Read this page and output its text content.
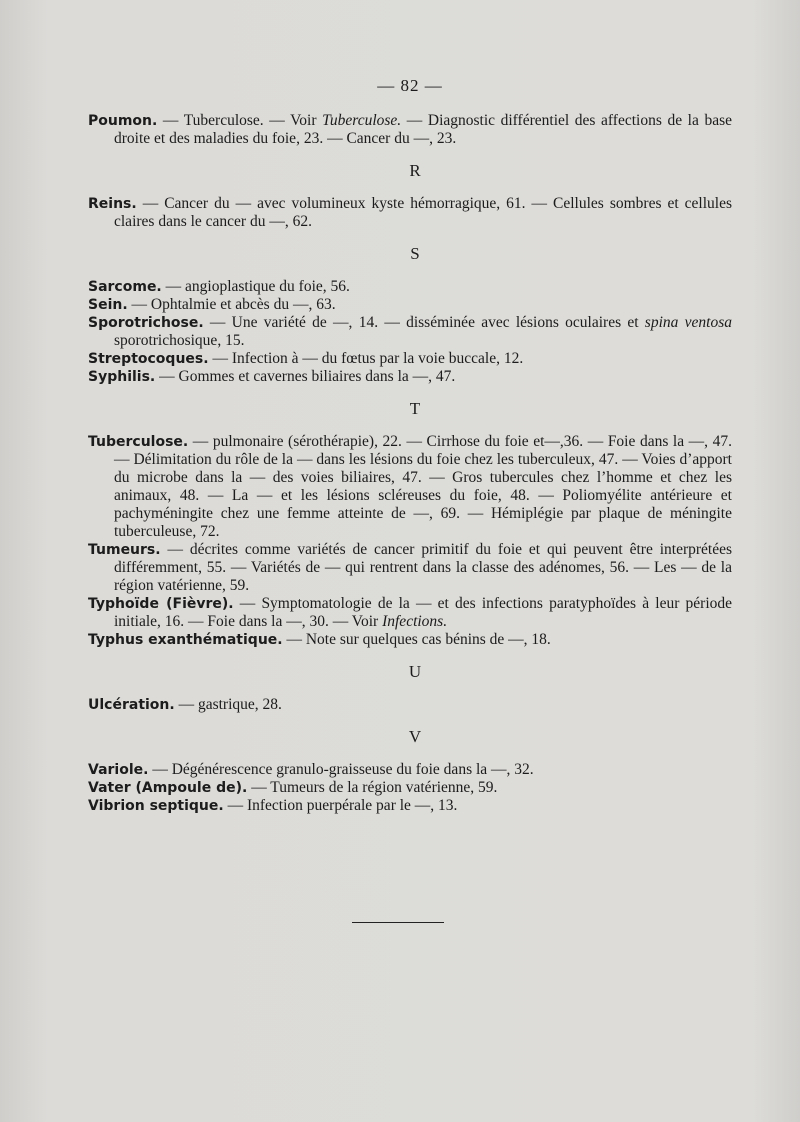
— 82 —

Poumon. — Tuberculose. — Voir Tuberculose. — Diagnostic différentiel des affections de la base droite et des maladies du foie, 23. — Cancer du —, 23.

R

Reins. — Cancer du — avec volumineux kyste hémorragique, 61. — Cellules sombres et cellules claires dans le cancer du —, 62.

S

Sarcome. — angioplastique du foie, 56.

Sein. — Ophtalmie et abcès du —, 63.

Sporotrichose. — Une variété de —, 14. — disséminée avec lésions oculaires et spina ventosa sporotrichosique, 15.

Streptocoques. — Infection à — du fœtus par la voie buccale, 12.

Syphilis. — Gommes et cavernes biliaires dans la —, 47.

T

Tuberculose. — pulmonaire (sérothérapie), 22. — Cirrhose du foie et—,36. — Foie dans la —, 47. — Délimitation du rôle de la — dans les lésions du foie chez les tuberculeux, 47. — Voies d’apport du microbe dans la — des voies biliaires, 47. — Gros tubercules chez l’homme et chez les animaux, 48. — La — et les lésions scléreuses du foie, 48. — Poliomyélite antérieure et pachyméningite chez une femme atteinte de —, 69. — Hémiplégie par plaque de méningite tuberculeuse, 72.

Tumeurs. — décrites comme variétés de cancer primitif du foie et qui peuvent être interprétées différemment, 55. — Variétés de — qui rentrent dans la classe des adénomes, 56. — Les — de la région vatérienne, 59.

Typhoïde (Fièvre). — Symptomatologie de la — et des infections paratyphoïdes à leur période initiale, 16. — Foie dans la —, 30. — Voir Infections.

Typhus exanthématique. — Note sur quelques cas bénins de —, 18.

U

Ulcération. — gastrique, 28.

V

Variole. — Dégénérescence granulo-graisseuse du foie dans la —, 32.

Vater (Ampoule de). — Tumeurs de la région vatérienne, 59.

Vibrion septique. — Infection puerpérale par le —, 13.
